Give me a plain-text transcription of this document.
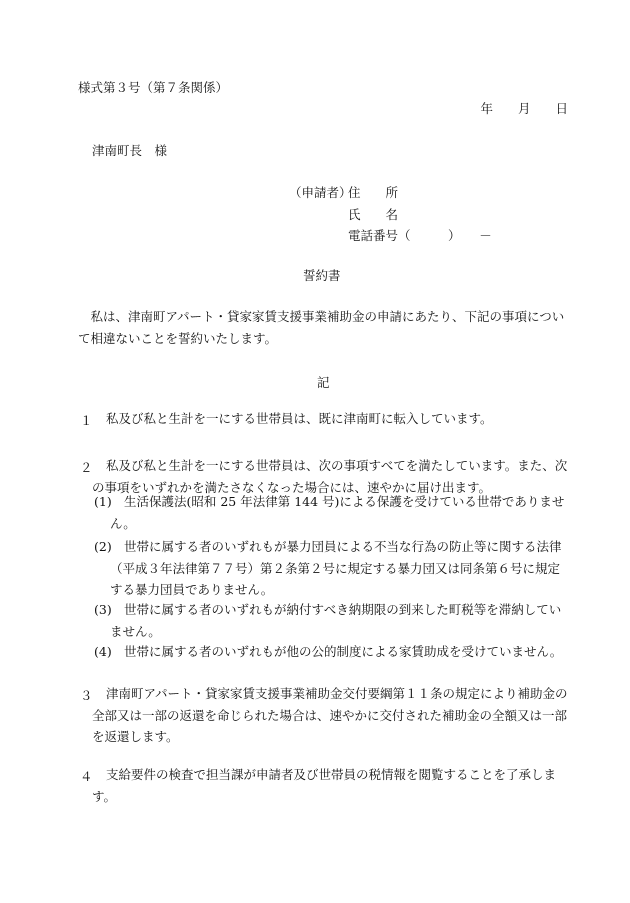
様式第３号（第７条関係）
年　　月　　日
津南町長　様
（申請者）
住　　所
氏　　名
電話番号（　　　）　　－
誓約書
私は、津南町アパート・貸家家賃支援事業補助金の申請にあたり、下記の事項について相違ないことを誓約いたします。
記
１ 私及び私と生計を一にする世帯員は、既に津南町に転入しています。
２	私及び私と生計を一にする世帯員は、次の事項すべてを満たしています。また、次の事項をいずれかを満たさなくなった場合には、速やかに届け出ます。
(1) 生活保護法(昭和 25 年法律第 144 号)による保護を受けている世帯でありません。
(2) 世帯に属する者のいずれもが暴力団員による不当な行為の防止等に関する法律（平成３年法律第７７号）第２条第２号に規定する暴力団又は同条第６号に規定する暴力団員でありません。
(3) 世帯に属する者のいずれもが納付すべき納期限の到来した町税等を滞納していません。
(4) 世帯に属する者のいずれもが他の公的制度による家賃助成を受けていません。
３	津南町アパート・貸家家賃支援事業補助金交付要綱第１１条の規定により補助金の全部又は一部の返還を命じられた場合は、速やかに交付された補助金の全額又は一部を返還します。
４	支給要件の検査で担当課が申請者及び世帯員の税情報を閲覧することを了承します。
